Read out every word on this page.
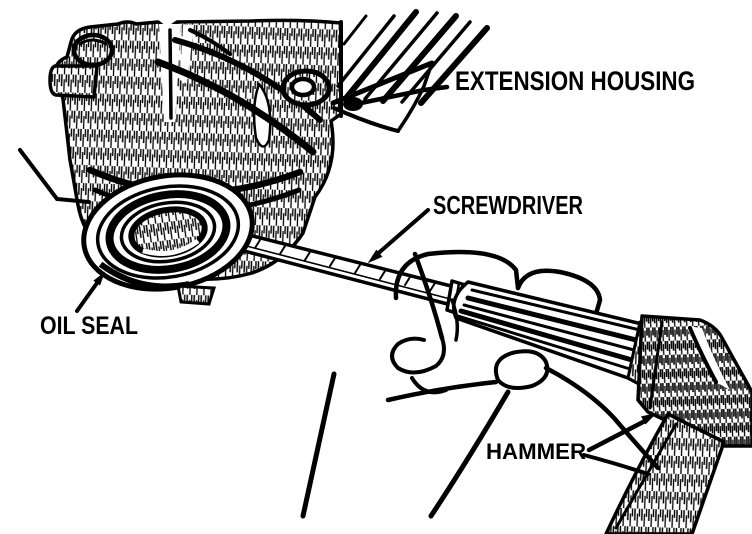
EXTENSION HOUSING
SCREWDRIVER
OIL SEAL
HAMMER
